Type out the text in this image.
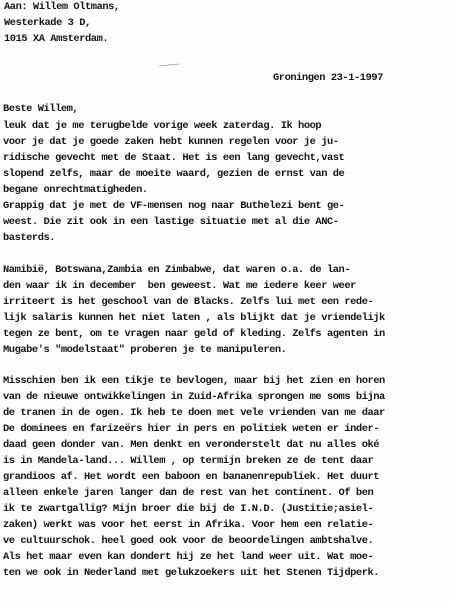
Aan: Willem Oltmans,
Westerkade 3 D,
1015 XA Amsterdam.
Groningen 23-1-1997
Beste Willem,
leuk dat je me terugbelde vorige week zaterdag. Ik hoop
voor je dat je goede zaken hebt kunnen regelen voor je ju-
ridische gevecht met de Staat. Het is een lang gevecht,vast
slopend zelfs, maar de moeite waard, gezien de ernst van de
begane onrechtmatigheden.
Grappig dat je met de VF-mensen nog naar Buthelezi bent ge-
weest. Die zit ook in een lastige situatie met al die ANC-
basterds.
Namibië, Botswana,Zambia en Zimbabwe, dat waren o.a. de lan-
den waar ik in december  ben geweest. Wat me iedere keer weer
irriteert is het geschool van de Blacks. Zelfs lui met een rede-
lijk salaris kunnen het niet laten , als blijkt dat je vriendelijk
tegen ze bent, om te vragen naar geld of kleding. Zelfs agenten in
Mugabe's "modelstaat" proberen je te manipuleren.
Misschien ben ik een tikje te bevlogen, maar bij het zien en horen
van de nieuwe ontwikkelingen in Zuid-Afrika sprongen me soms bijna
de tranen in de ogen. Ik heb te doen met vele vrienden van me daar
De dominees en farizeërs hier in pers en politiek weten er inder-
daad geen donder van. Men denkt en veronderstelt dat nu alles oké
is in Mandela-land... Willem , op termijn breken ze de tent daar
grandioos af. Het wordt een baboon en bananenrepubliek. Het duurt
alleen enkele jaren langer dan de rest van het continent. Of ben
ik te zwartgallig? Mijn broer die bij de I.N.D. (Justitie;asiel-
zaken) werkt was voor het eerst in Afrika. Voor hem een relatie-
ve cultuurschok. heel goed ook voor de beoordelingen ambtshalve.
Als het maar even kan dondert hij ze het land weer uit. Wat moe-
ten we ook in Nederland met gelukzoekers uit het Stenen Tijdperk.
